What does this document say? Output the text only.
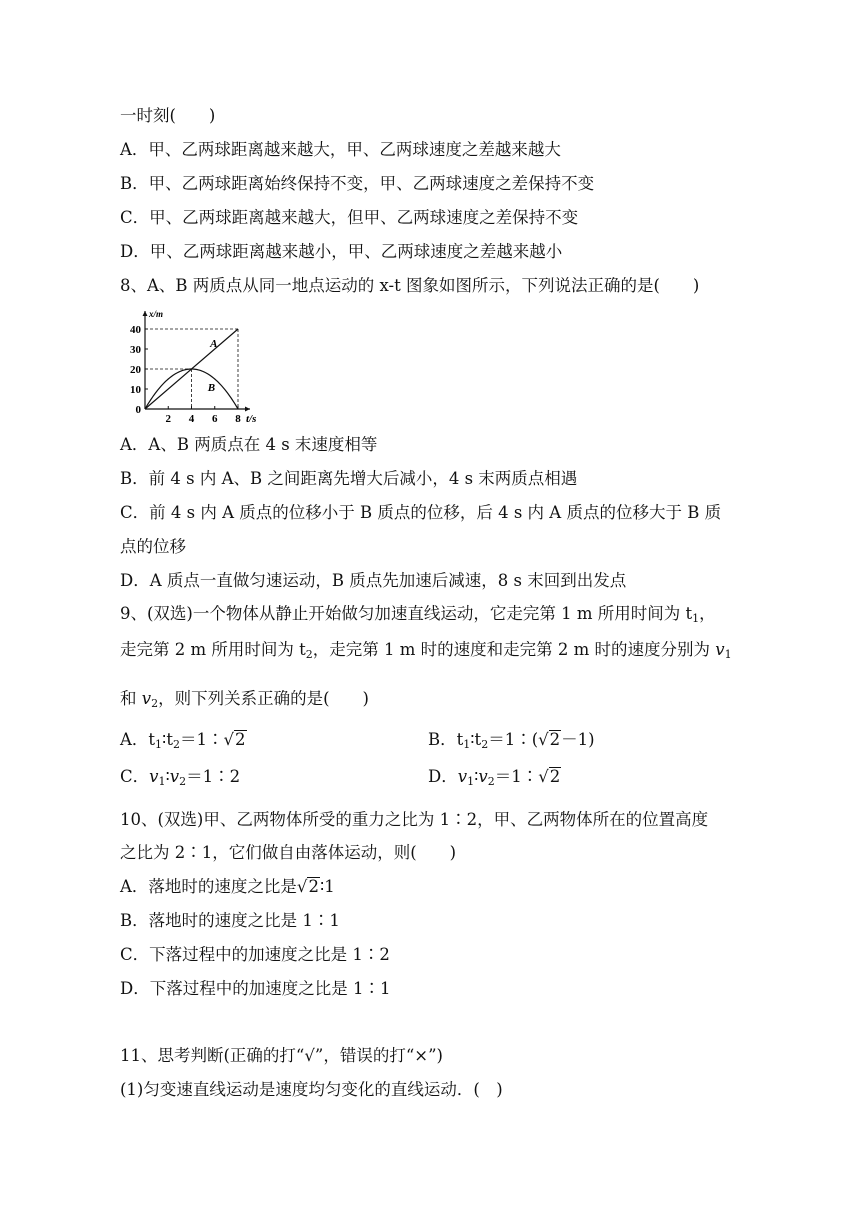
一时刻(　　)
A．甲、乙两球距离越来越大，甲、乙两球速度之差越来越大
B．甲、乙两球距离始终保持不变，甲、乙两球速度之差保持不变
C．甲、乙两球距离越来越大，但甲、乙两球速度之差保持不变
D．甲、乙两球距离越来越小，甲、乙两球速度之差越来越小
8、A、B 两质点从同一地点运动的 x-t 图象如图所示，下列说法正确的是(　　)
10
20
30
40
0
2 4 6 8
x/m
t/s
A
B
A．A、B 两质点在 4 s 末速度相等
B．前 4 s 内 A、B 之间距离先增大后减小，4 s 末两质点相遇
C．前 4 s 内 A 质点的位移小于 B 质点的位移，后 4 s 内 A 质点的位移大于 B 质
点的位移
D．A 质点一直做匀速运动，B 质点先加速后减速，8 s 末回到出发点
9、(双选)一个物体从静止开始做匀加速直线运动，它走完第 1 m 所用时间为 $t_1$，
走完第 2 m 所用时间为 $t_2$，走完第 1 m 时的速度和走完第 2 m 时的速度分别为 $v_1$
和 $v_2$，则下列关系正确的是(　　)
A．$t_1∶t_2=1∶√2$	B．$t_1∶t_2=1∶(√2-1)$
C．$v_1∶v_2=1∶2$	D．$v_1∶v_2=1∶√2$
10、(双选)甲、乙两物体所受的重力之比为 1∶2，甲、乙两物体所在的位置高度
之比为 2∶1，它们做自由落体运动，则(　　)
A．落地时的速度之比是√2∶1
B．落地时的速度之比是 1∶1
C．下落过程中的加速度之比是 1∶2
D．下落过程中的加速度之比是 1∶1
11、思考判断(正确的打“√”，错误的打“×”)
(1)匀变速直线运动是速度均匀变化的直线运动．(　)
